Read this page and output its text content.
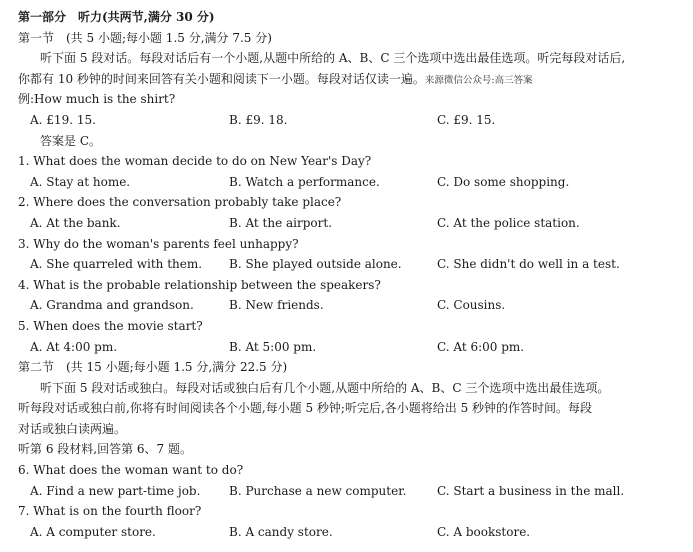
第一部分　听力(共两节,满分 30 分)
第一节　(共 5 小题;每小题 1.5 分,满分 7.5 分)
听下面 5 段对话。每段对话后有一个小题,从题中所给的 A、B、C 三个选项中选出最佳选项。听完每段对话后,
你都有 10 秒钟的时间来回答有关小题和阅读下一小题。每段对话仅读一遍。来源微信公众号:高三答案
例:How much is the shirt?
A. £19. 15.	B. £9. 18.	C. £9. 15.
答案是 C。
1. What does the woman decide to do on New Year's Day?
A. Stay at home.	B. Watch a performance.	C. Do some shopping.
2. Where does the conversation probably take place?
A. At the bank.	B. At the airport.	C. At the police station.
3. Why do the woman's parents feel unhappy?
A. She quarreled with them.	B. She played outside alone.	C. She didn't do well in a test.
4. What is the probable relationship between the speakers?
A. Grandma and grandson.	B. New friends.	C. Cousins.
5. When does the movie start?
A. At 4:00 pm.	B. At 5:00 pm.	C. At 6:00 pm.
第二节　(共 15 小题;每小题 1.5 分,满分 22.5 分)
听下面 5 段对话或独白。每段对话或独白后有几个小题,从题中所给的 A、B、C 三个选项中选出最佳选项。
听每段对话或独白前,你将有时间阅读各个小题,每小题 5 秒钟;听完后,各小题将给出 5 秒钟的作答时间。每段
对话或独白读两遍。
听第 6 段材料,回答第 6、7 题。
6. What does the woman want to do?
A. Find a new part-time job.	B. Purchase a new computer.	C. Start a business in the mall.
7. What is on the fourth floor?
A. A computer store.	B. A candy store.	C. A bookstore.
